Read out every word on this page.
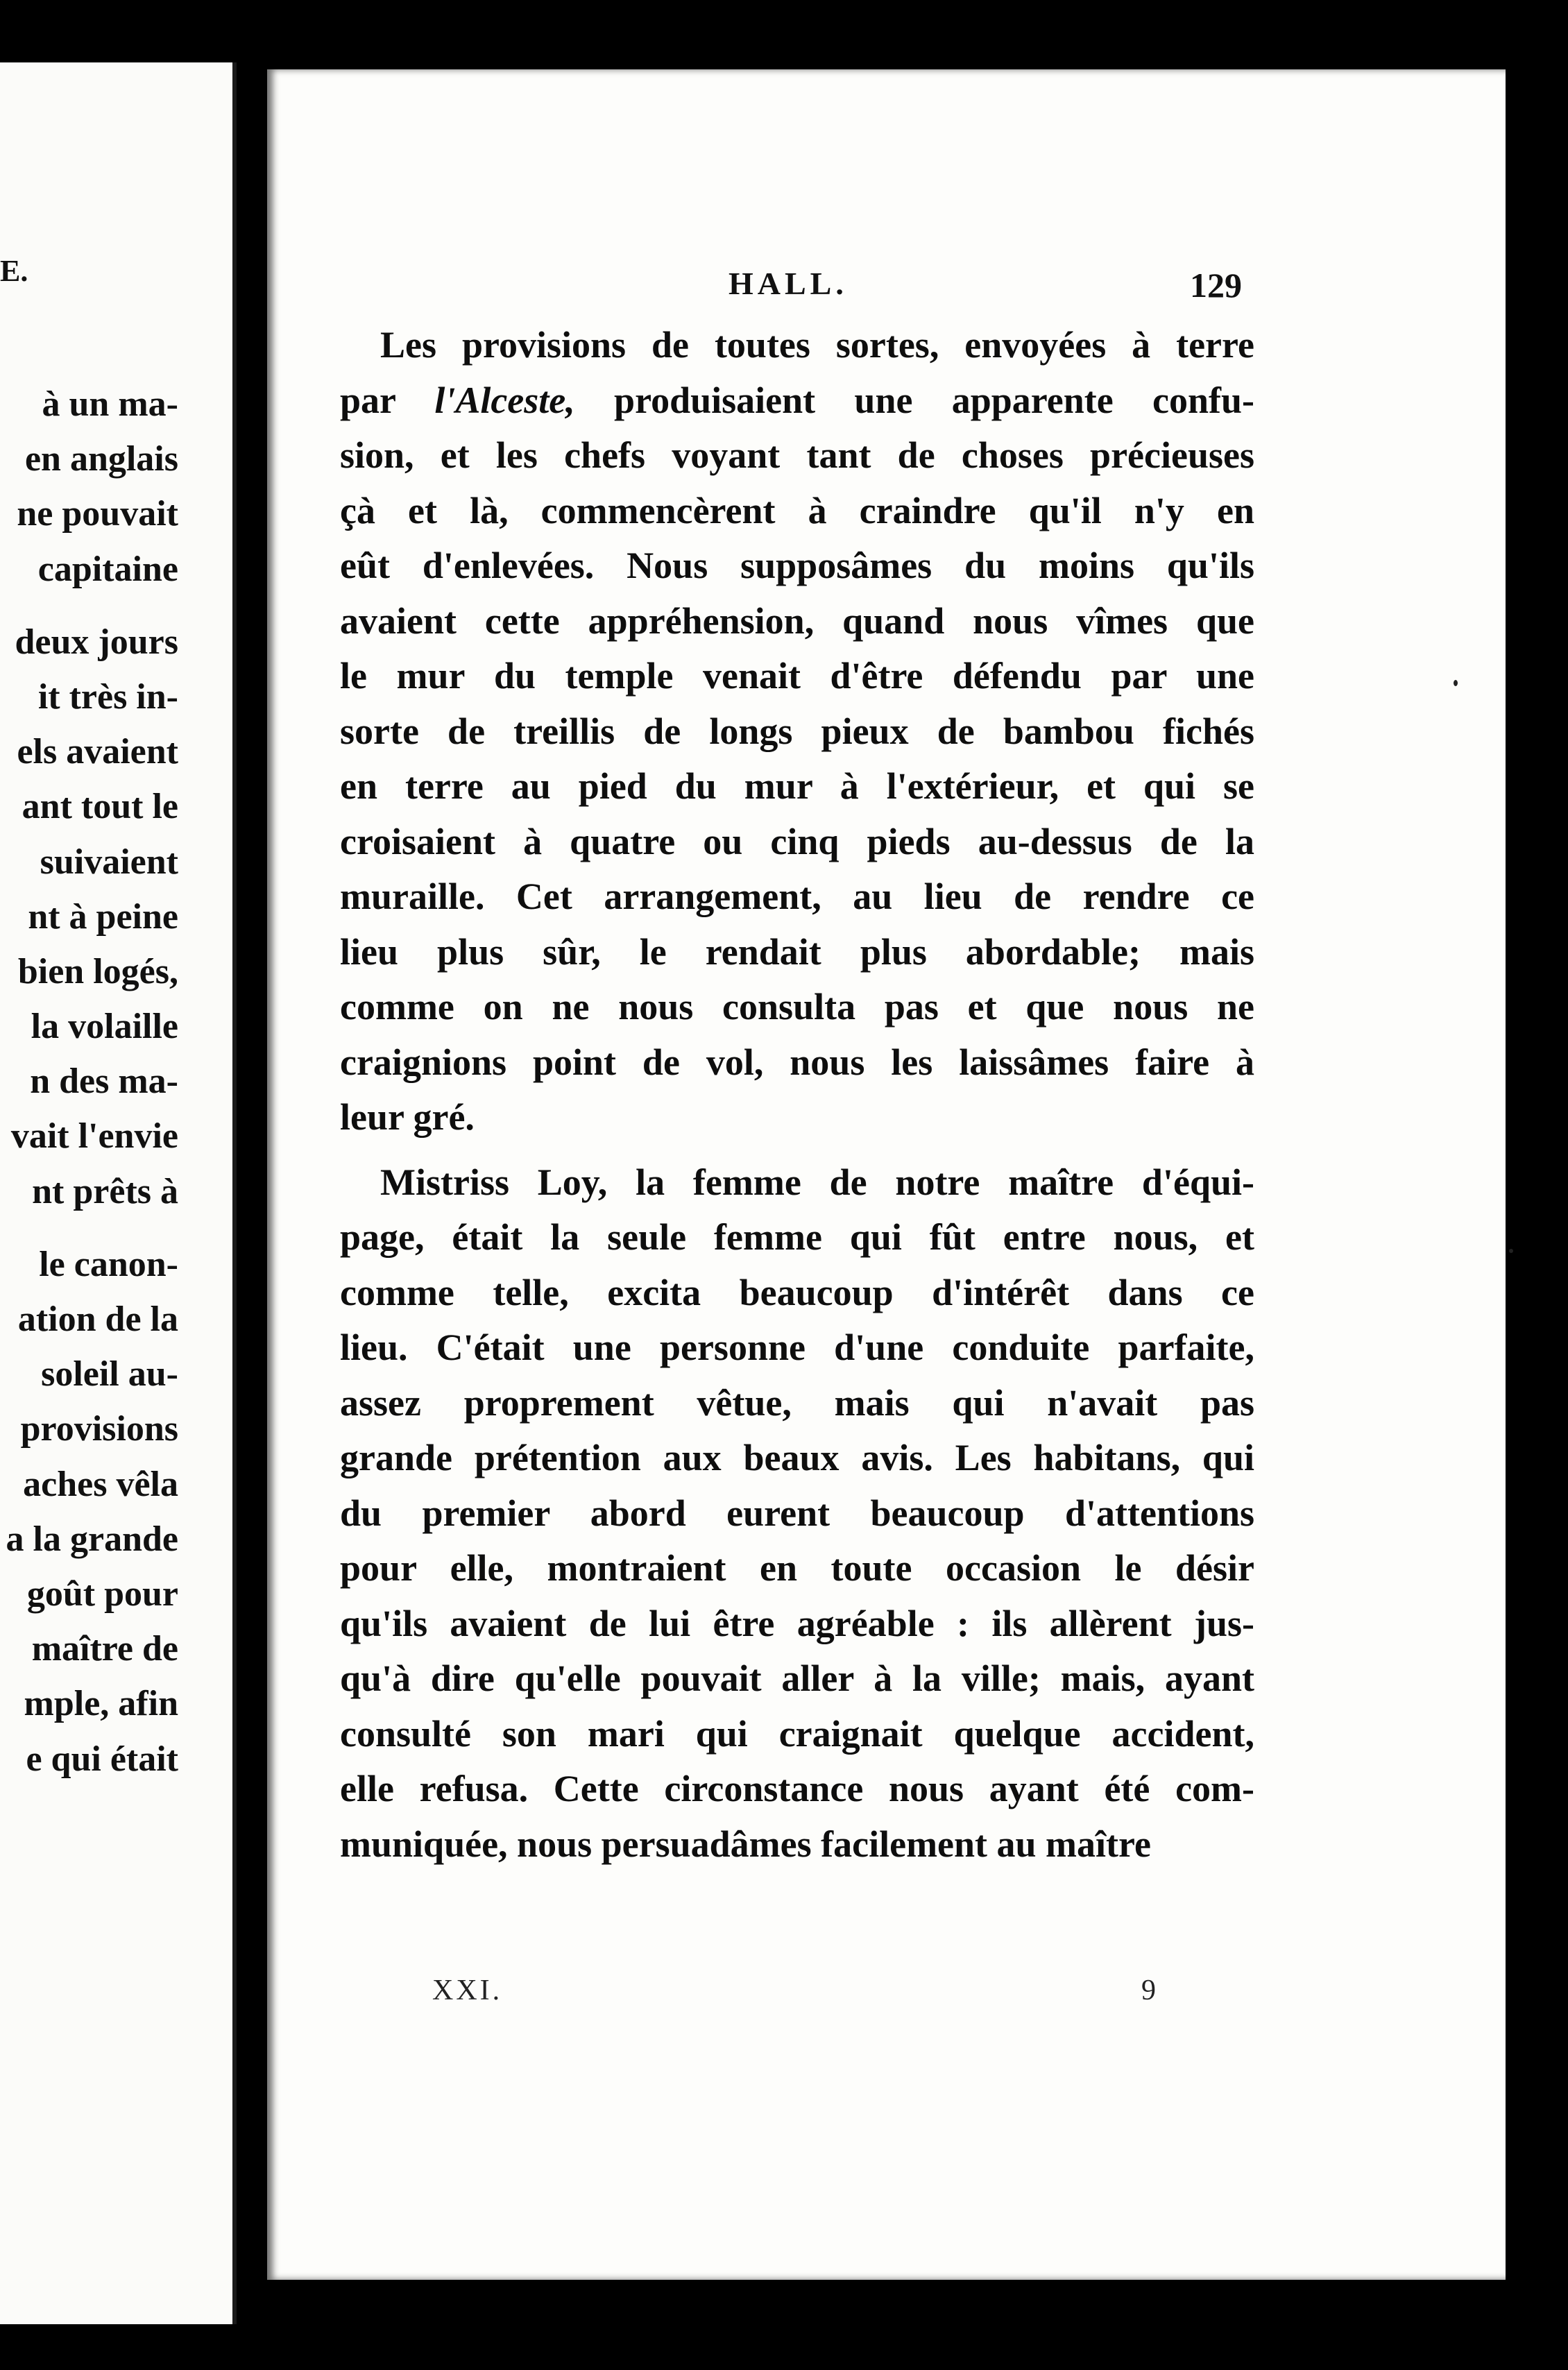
E.
à un ma-
en anglais
ne pouvait
capitaine
deux jours
it très in-
els avaient
ant tout le
suivaient
nt à peine
bien logés,
la volaille
n des ma-
vait l'envie
nt prêts à
le canon-
ation de la
soleil au-
provisions
aches vêla
a la grande
goût pour
maître de
mple, afin
e qui était
HALL.	129
Les provisions de toutes sortes, envoyées à terre
par l'Alceste, produisaient une apparente confu-
sion, et les chefs voyant tant de choses précieuses
çà et là, commencèrent à craindre qu'il n'y en
eût d'enlevées. Nous supposâmes du moins qu'ils
avaient cette appréhension, quand nous vîmes que
le mur du temple venait d'être défendu par une
sorte de treillis de longs pieux de bambou fichés
en terre au pied du mur à l'extérieur, et qui se
croisaient à quatre ou cinq pieds au-dessus de la
muraille. Cet arrangement, au lieu de rendre ce
lieu plus sûr, le rendait plus abordable; mais
comme on ne nous consulta pas et que nous ne
craignions point de vol, nous les laissâmes faire à
leur gré.
Mistriss Loy, la femme de notre maître d'équi-
page, était la seule femme qui fût entre nous, et
comme telle, excita beaucoup d'intérêt dans ce
lieu. C'était une personne d'une conduite parfaite,
assez proprement vêtue, mais qui n'avait pas
grande prétention aux beaux avis. Les habitans, qui
du premier abord eurent beaucoup d'attentions
pour elle, montraient en toute occasion le désir
qu'ils avaient de lui être agréable : ils allèrent jus-
qu'à dire qu'elle pouvait aller à la ville; mais, ayant
consulté son mari qui craignait quelque accident,
elle refusa. Cette circonstance nous ayant été com-
muniquée, nous persuadâmes facilement au maître
XXI.	9
